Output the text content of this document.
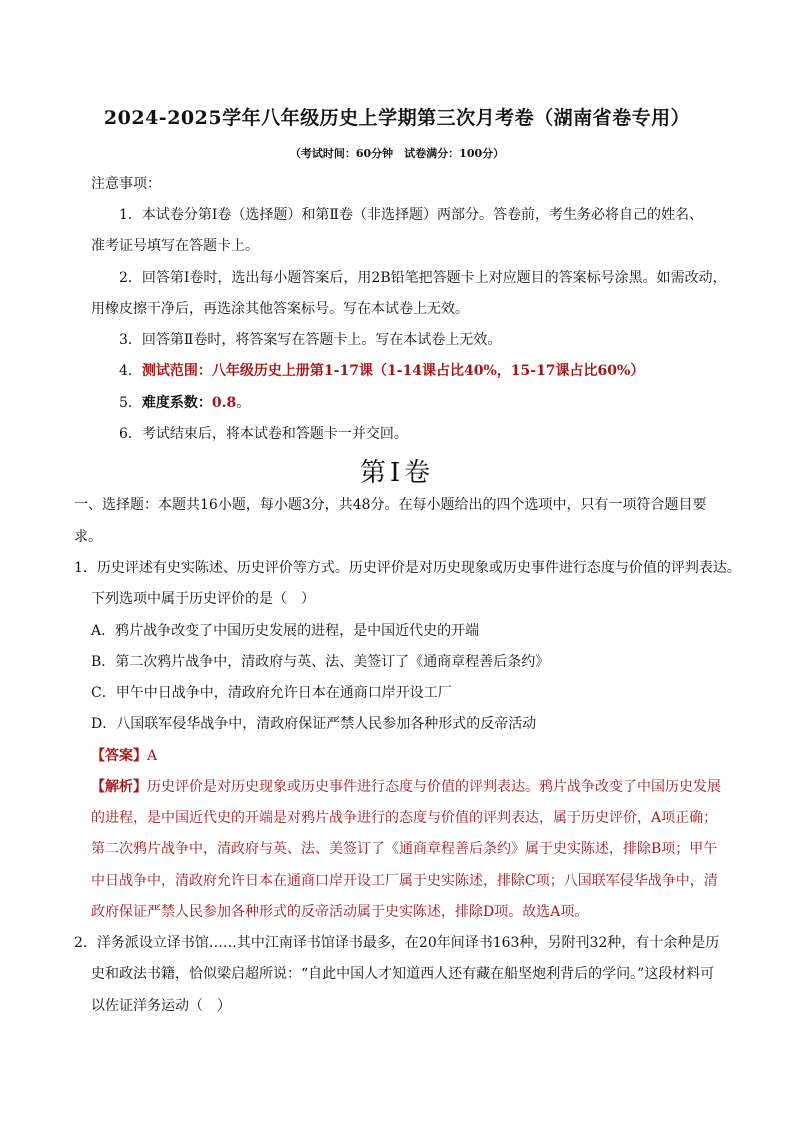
2024-2025学年八年级历史上学期第三次月考卷（湖南省卷专用）
（考试时间：60分钟　试卷满分：100分）
注意事项：
1．本试卷分第Ⅰ卷（选择题）和第Ⅱ卷（非选择题）两部分。答卷前，考生务必将自己的姓名、
准考证号填写在答题卡上。
2．回答第Ⅰ卷时，选出每小题答案后，用2B铅笔把答题卡上对应题目的答案标号涂黑。如需改动，
用橡皮擦干净后，再选涂其他答案标号。写在本试卷上无效。
3．回答第Ⅱ卷时，将答案写在答题卡上。写在本试卷上无效。
4．测试范围：八年级历史上册第1-17课（1-14课占比40%，15-17课占比60%）
5．难度系数：0.8。
6．考试结束后，将本试卷和答题卡一并交回。
第Ⅰ卷
一、选择题：本题共16小题，每小题3分，共48分。在每小题给出的四个选项中，只有一项符合题目要
求。
1．历史评述有史实陈述、历史评价等方式。历史评价是对历史现象或历史事件进行态度与价值的评判表达。
下列选项中属于历史评价的是（　）
A．鸦片战争改变了中国历史发展的进程，是中国近代史的开端
B．第二次鸦片战争中，清政府与英、法、美签订了《通商章程善后条约》
C．甲午中日战争中，清政府允许日本在通商口岸开设工厂
D．八国联军侵华战争中，清政府保证严禁人民参加各种形式的反帝活动
【答案】A
【解析】历史评价是对历史现象或历史事件进行态度与价值的评判表达。鸦片战争改变了中国历史发展
的进程，是中国近代史的开端是对鸦片战争进行的态度与价值的评判表达，属于历史评价，A项正确；
第二次鸦片战争中，清政府与英、法、美签订了《通商章程善后条约》属于史实陈述，排除B项；甲午
中日战争中，清政府允许日本在通商口岸开设工厂属于史实陈述，排除C项；八国联军侵华战争中，清
政府保证严禁人民参加各种形式的反帝活动属于史实陈述，排除D项。故选A项。
2．洋务派设立译书馆……其中江南译书馆译书最多，在20年间译书163种，另附刊32种，有十余种是历
史和政法书籍，恰似梁启超所说：“自此中国人才知道西人还有藏在船坚炮利背后的学问。”这段材料可
以佐证洋务运动（　）
